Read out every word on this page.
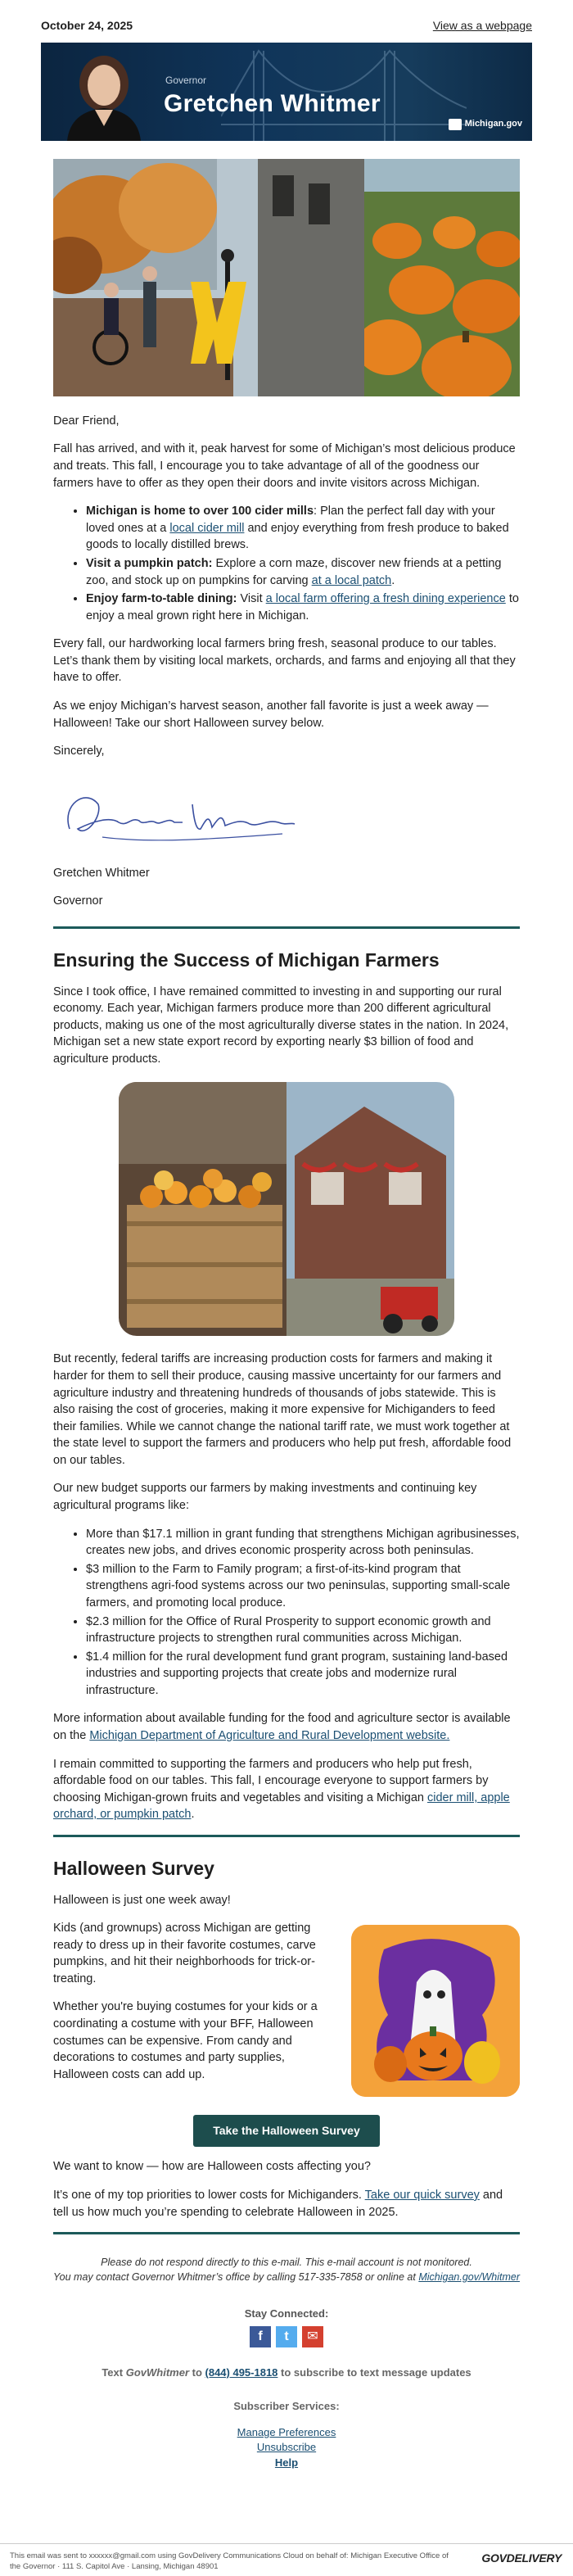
October 24, 2025	View as a webpage
Governor
Gretchen Whitmer
Michigan.gov

Dear Friend,

Fall has arrived, and with it, peak harvest for some of Michigan’s most delicious produce and treats. This fall, I encourage you to take advantage of all of the goodness our farmers have to offer as they open their doors and invite visitors across Michigan.

• Michigan is home to over 100 cider mills: Plan the perfect fall day with your loved ones at a local cider mill and enjoy everything from fresh produce to baked goods to locally distilled brews.
• Visit a pumpkin patch: Explore a corn maze, discover new friends at a petting zoo, and stock up on pumpkins for carving at a local patch.
• Enjoy farm-to-table dining: Visit a local farm offering a fresh dining experience to enjoy a meal grown right here in Michigan.

Every fall, our hardworking local farmers bring fresh, seasonal produce to our tables. Let’s thank them by visiting local markets, orchards, and farms and enjoying all that they have to offer.

As we enjoy Michigan’s harvest season, another fall favorite is just a week away — Halloween! Take our short Halloween survey below.

Sincerely,

Gretchen Whitmer

Governor

Ensuring the Success of Michigan Farmers

Since I took office, I have remained committed to investing in and supporting our rural economy. Each year, Michigan farmers produce more than 200 different agricultural products, making us one of the most agriculturally diverse states in the nation. In 2024, Michigan set a new state export record by exporting nearly $3 billion of food and agriculture products.

But recently, federal tariffs are increasing production costs for farmers and making it harder for them to sell their produce, causing massive uncertainty for our farmers and agriculture industry and threatening hundreds of thousands of jobs statewide. This is also raising the cost of groceries, making it more expensive for Michiganders to feed their families. While we cannot change the national tariff rate, we must work together at the state level to support the farmers and producers who help put fresh, affordable food on our tables.

Our new budget supports our farmers by making investments and continuing key agricultural programs like:

• More than $17.1 million in grant funding that strengthens Michigan agribusinesses, creates new jobs, and drives economic prosperity across both peninsulas.
• $3 million to the Farm to Family program; a first-of-its-kind program that strengthens agri-food systems across our two peninsulas, supporting small-scale farmers, and promoting local produce.
• $2.3 million for the Office of Rural Prosperity to support economic growth and infrastructure projects to strengthen rural communities across Michigan.
• $1.4 million for the rural development fund grant program, sustaining land-based industries and supporting projects that create jobs and modernize rural infrastructure.

More information about available funding for the food and agriculture sector is available on the Michigan Department of Agriculture and Rural Development website.

I remain committed to supporting the farmers and producers who help put fresh, affordable food on our tables. This fall, I encourage everyone to support farmers by choosing Michigan-grown fruits and vegetables and visiting a Michigan cider mill, apple orchard, or pumpkin patch.

Halloween Survey

Halloween is just one week away!

Kids (and grownups) across Michigan are getting ready to dress up in their favorite costumes, carve pumpkins, and hit their neighborhoods for trick-or-treating.

Whether you're buying costumes for your kids or a coordinating a costume with your BFF, Halloween costumes can be expensive. From candy and decorations to costumes and party supplies, Halloween costs can add up.

Take the Halloween Survey

We want to know — how are Halloween costs affecting you?

It’s one of my top priorities to lower costs for Michiganders. Take our quick survey and tell us how much you’re spending to celebrate Halloween in 2025.

Please do not respond directly to this e-mail. This e-mail account is not monitored.

You may contact Governor Whitmer’s office by calling 517-335-7858 or online at Michigan.gov/Whitmer

Stay Connected:

f	t	✉

Text GovWhitmer to (844) 495-1818 to subscribe to text message updates

Subscriber Services:

Manage Preferences
Unsubscribe
Help
This email was sent to xxxxxx@gmail.com using GovDelivery Communications Cloud on behalf of: Michigan Executive Office of
the Governor · 111 S. Capitol Ave · Lansing, Michigan 48901
GOVDELIVERY
